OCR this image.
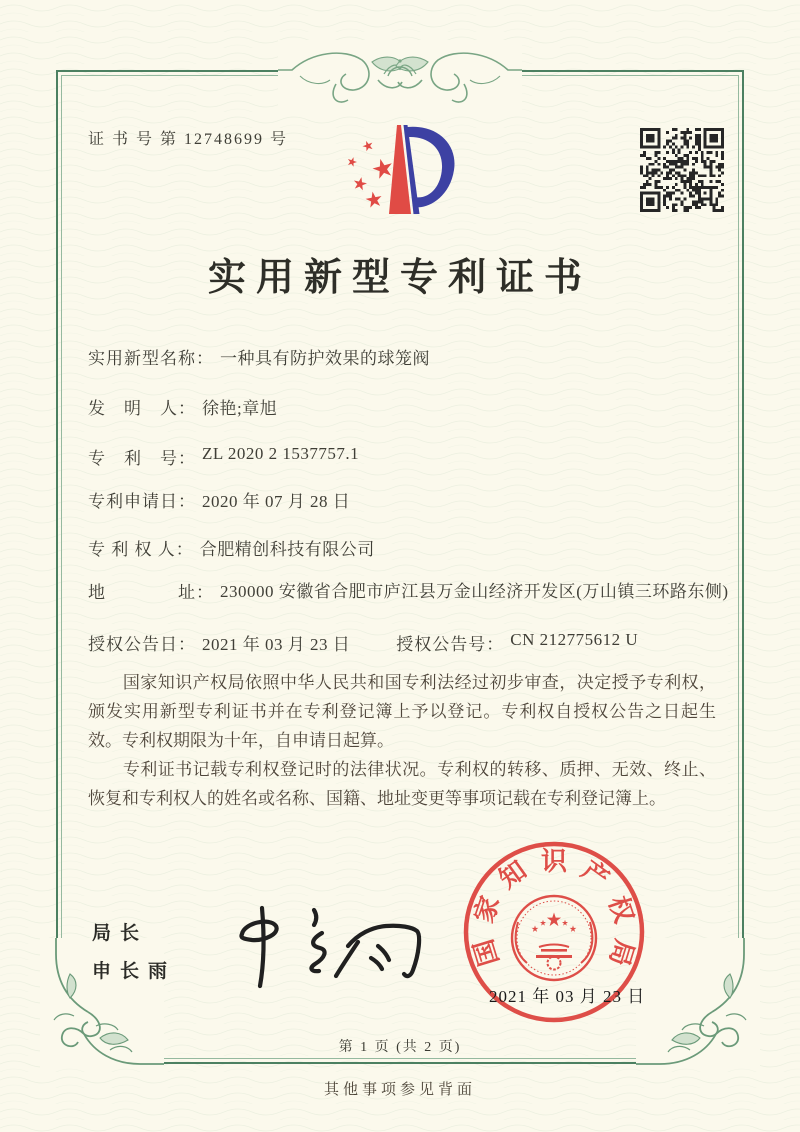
证 书 号 第 12748699 号
实用新型专利证书
实用新型名称： 一种具有防护效果的球笼阀
发　明　人： 徐艳;章旭
专　利　号： ZL 2020 2 1537757.1
专利申请日： 2020 年 07 月 28 日
专 利 权 人： 合肥精创科技有限公司
地　　　　址： 230000 安徽省合肥市庐江县万金山经济开发区(万山镇三环路东侧)
授权公告日： 2021 年 03 月 23 日	授权公告号： CN 212775612 U

国家知识产权局依照中华人民共和国专利法经过初步审查，决定授予专利权，颁发实用新型专利证书并在专利登记簿上予以登记。专利权自授权公告之日起生效。专利权期限为十年，自申请日起算。

专利证书记载专利权登记时的法律状况。专利权的转移、质押、无效、终止、恢复和专利权人的姓名或名称、国籍、地址变更等事项记载在专利登记簿上。

局长
申长雨
国
家
知 识 产
权
局
2021 年 03 月 23 日
第 1 页 (共 2 页)
其他事项参见背面
